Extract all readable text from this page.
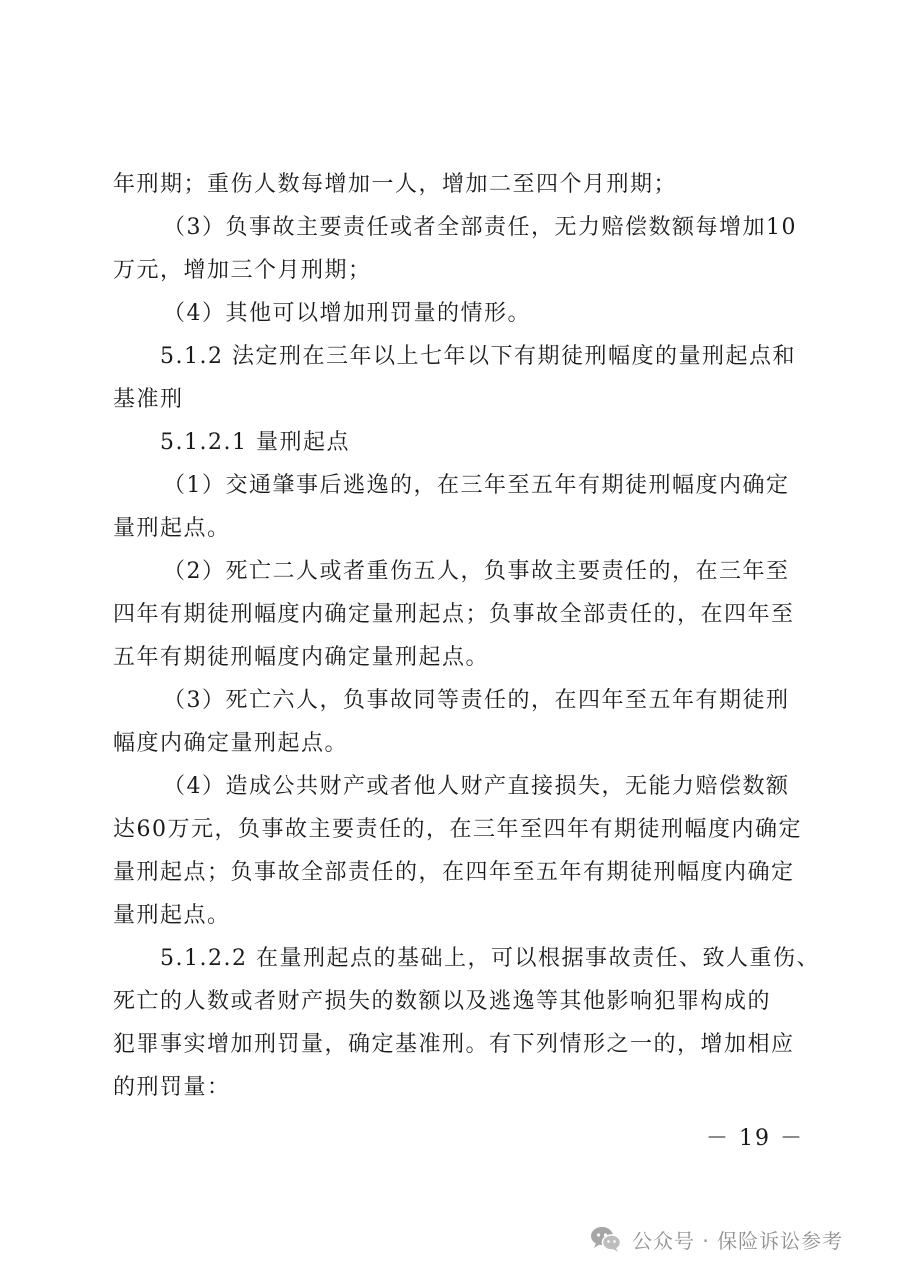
年刑期；重伤人数每增加一人，增加二至四个月刑期；
（3）负事故主要责任或者全部责任，无力赔偿数额每增加10
万元，增加三个月刑期；
（4）其他可以增加刑罚量的情形。
5.1.2 法定刑在三年以上七年以下有期徒刑幅度的量刑起点和
基准刑
5.1.2.1 量刑起点
（1）交通肇事后逃逸的，在三年至五年有期徒刑幅度内确定
量刑起点。
（2）死亡二人或者重伤五人，负事故主要责任的，在三年至
四年有期徒刑幅度内确定量刑起点；负事故全部责任的，在四年至
五年有期徒刑幅度内确定量刑起点。
（3）死亡六人，负事故同等责任的，在四年至五年有期徒刑
幅度内确定量刑起点。
（4）造成公共财产或者他人财产直接损失，无能力赔偿数额
达60万元，负事故主要责任的，在三年至四年有期徒刑幅度内确定
量刑起点；负事故全部责任的，在四年至五年有期徒刑幅度内确定
量刑起点。
5.1.2.2 在量刑起点的基础上，可以根据事故责任、致人重伤、
死亡的人数或者财产损失的数额以及逃逸等其他影响犯罪构成的
犯罪事实增加刑罚量，确定基准刑。有下列情形之一的，增加相应
的刑罚量：
－ 19 －
公众号 · 保险诉讼参考
